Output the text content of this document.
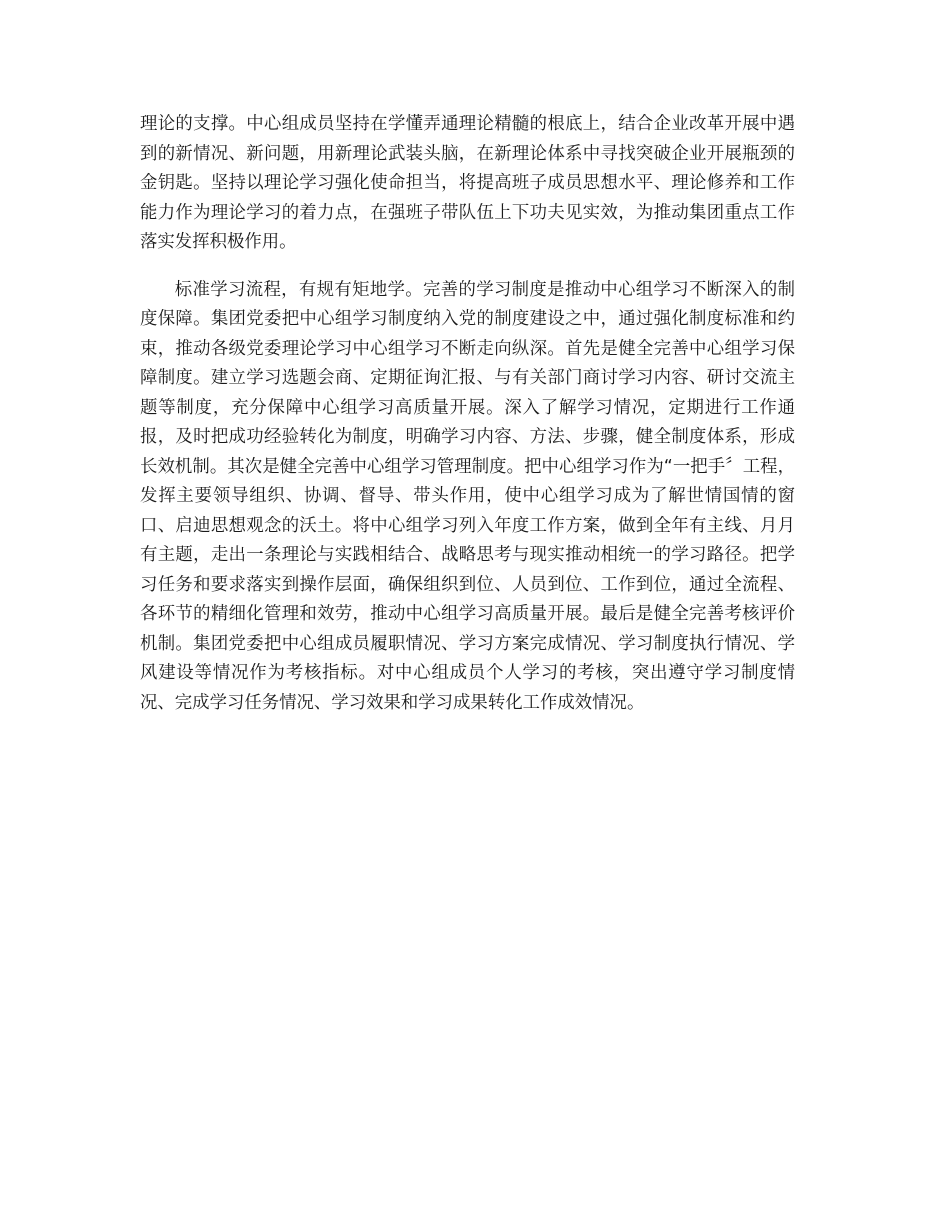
理论的支撑。中心组成员坚持在学懂弄通理论精髓的根底上，结合企业改革开展中遇到的新情况、新问题，用新理论武装头脑，在新理论体系中寻找突破企业开展瓶颈的金钥匙。坚持以理论学习强化使命担当，将提高班子成员思想水平、理论修养和工作能力作为理论学习的着力点，在强班子带队伍上下功夫见实效，为推动集团重点工作落实发挥积极作用。

标准学习流程，有规有矩地学。完善的学习制度是推动中心组学习不断深入的制度保障。集团党委把中心组学习制度纳入党的制度建设之中，通过强化制度标准和约束，推动各级党委理论学习中心组学习不断走向纵深。首先是健全完善中心组学习保障制度。建立学习选题会商、定期征询汇报、与有关部门商讨学习内容、研讨交流主题等制度，充分保障中心组学习高质量开展。深入了解学习情况，定期进行工作通报，及时把成功经验转化为制度，明确学习内容、方法、步骤，健全制度体系，形成长效机制。其次是健全完善中心组学习管理制度。把中心组学习作为“一把手〞工程，发挥主要领导组织、协调、督导、带头作用，使中心组学习成为了解世情国情的窗口、启迪思想观念的沃土。将中心组学习列入年度工作方案，做到全年有主线、月月有主题，走出一条理论与实践相结合、战略思考与现实推动相统一的学习路径。把学习任务和要求落实到操作层面，确保组织到位、人员到位、工作到位，通过全流程、各环节的精细化管理和效劳，推动中心组学习高质量开展。最后是健全完善考核评价机制。集团党委把中心组成员履职情况、学习方案完成情况、学习制度执行情况、学风建设等情况作为考核指标。对中心组成员个人学习的考核，突出遵守学习制度情况、完成学习任务情况、学习效果和学习成果转化工作成效情况。
